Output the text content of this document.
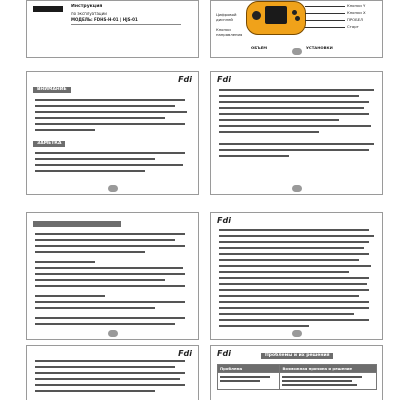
Инструкция
по эксплуатации
МОДЕЛЬ: FDHS-H-01 | HJS-01
Кнопки Y
Кнопки X
ПРОБЕЛ
Старт
Цифровой дисплей
Кнопки направления
ОБЪЕМ	УСТАНОВКИ
Fdi
ВНИМАНИЕ
ЗАМЕТКА
Fdi
Fdi
Fdi	Fdi	Проблемы и их решения
Проблема	Возможная причина и решение
